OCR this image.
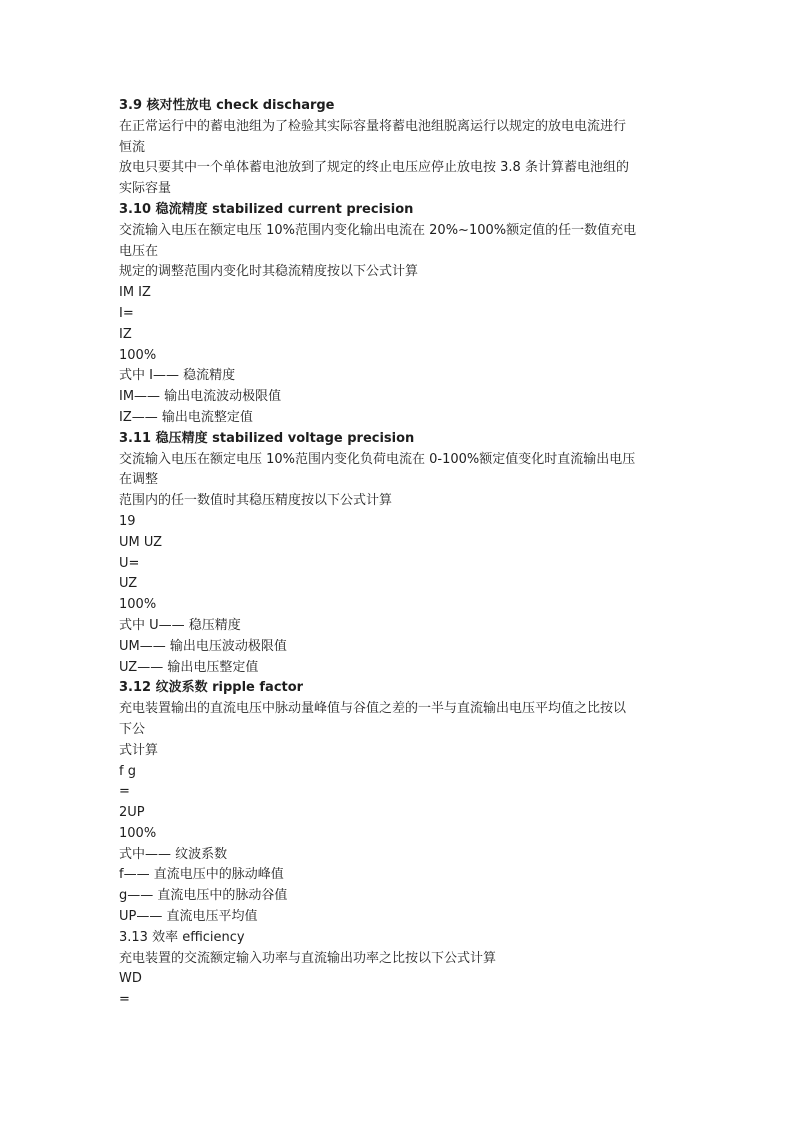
3.9 核对性放电 check discharge
在正常运行中的蓄电池组为了检验其实际容量将蓄电池组脱离运行以规定的放电电流进行
恒流
放电只要其中一个单体蓄电池放到了规定的终止电压应停止放电按 3.8 条计算蓄电池组的
实际容量
3.10 稳流精度 stabilized current precision
交流输入电压在额定电压 10%范围内变化输出电流在 20%~100%额定值的任一数值充电
电压在
规定的调整范围内变化时其稳流精度按以下公式计算
IM IZ
I=
IZ
100%
式中 I—— 稳流精度
IM—— 输出电流波动极限值
IZ—— 输出电流整定值
3.11 稳压精度 stabilized voltage precision
交流输入电压在额定电压 10%范围内变化负荷电流在 0-100%额定值变化时直流输出电压
在调整
范围内的任一数值时其稳压精度按以下公式计算
19
UM UZ
U=
UZ
100%
式中 U—— 稳压精度
UM—— 输出电压波动极限值
UZ—— 输出电压整定值
3.12 纹波系数 ripple factor
充电装置输出的直流电压中脉动量峰值与谷值之差的一半与直流输出电压平均值之比按以
下公
式计算
f g
=
2UP
100%
式中—— 纹波系数
f—— 直流电压中的脉动峰值
g—— 直流电压中的脉动谷值
UP—— 直流电压平均值
3.13 效率 efficiency
充电装置的交流额定输入功率与直流输出功率之比按以下公式计算
WD
=
